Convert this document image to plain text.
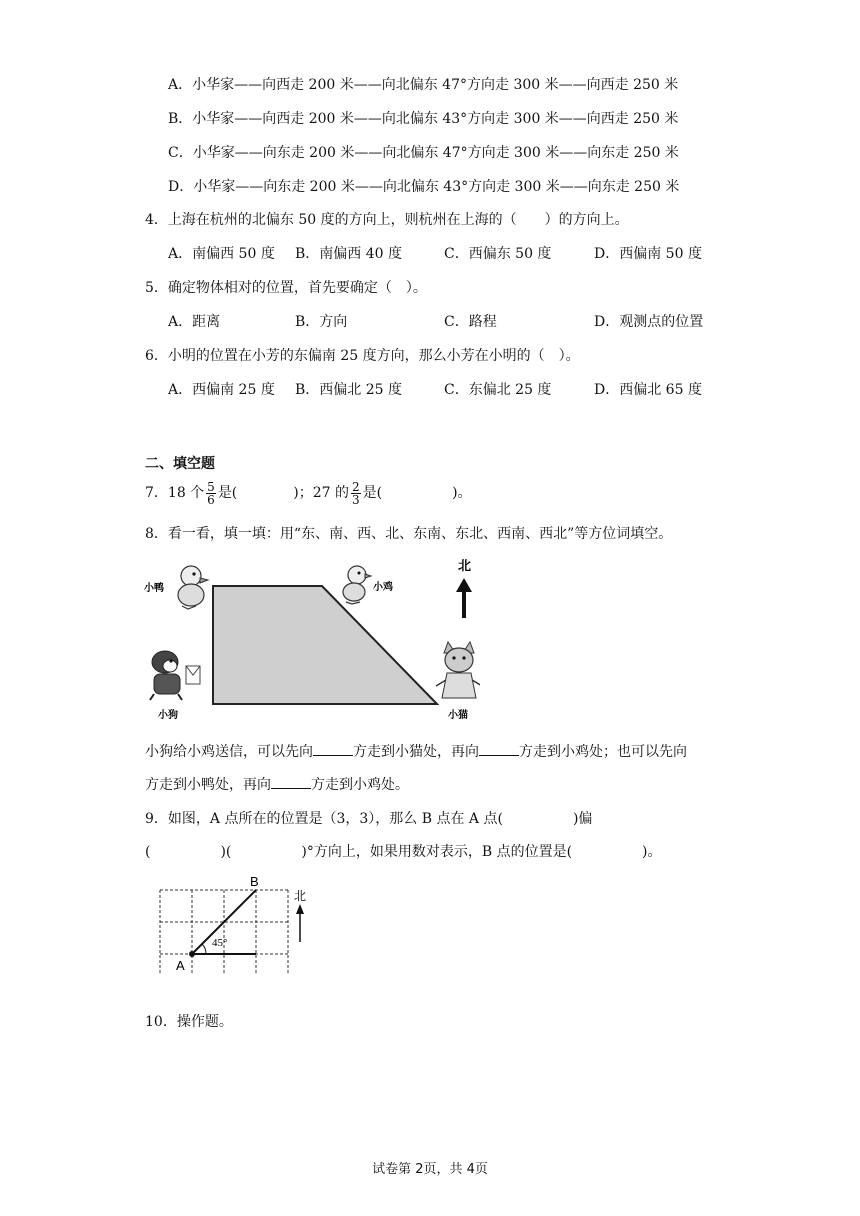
A．小华家——向西走 200 米——向北偏东 47°方向走 300 米——向西走 250 米
B．小华家——向西走 200 米——向北偏东 43°方向走 300 米——向西走 250 米
C．小华家——向东走 200 米——向北偏东 47°方向走 300 米——向东走 250 米
D．小华家——向东走 200 米——向北偏东 43°方向走 300 米——向东走 250 米
4．上海在杭州的北偏东 50 度的方向上，则杭州在上海的（　　）的方向上。
A．南偏西 50 度 B．南偏西 40 度	C．西偏东 50 度	D．西偏南 50 度
5．确定物体相对的位置，首先要确定（　）。
A．距离	B．方向	C．路程	D．观测点的位置
6．小明的位置在小芳的东偏南 25 度方向，那么小芳在小明的（　）。
A．西偏南 25 度 B．西偏北 25 度	C．东偏北 25 度	D．西偏北 65 度
二、填空题
7．18 个 $\frac{5}{6}$ 是(　　　　)；27 的 $\frac{2}{3}$ 是(　　　　　)。
8．看一看，填一填：用“东、南、西、北、东南、东北、西南、西北”等方位词填空。
小鸭	小鸡
小狗	小猫
北
小狗给小鸡送信，可以先向	方走到小猫处，再向	方走到小鸡处；也可以先向
方走到小鸭处，再向	方走到小鸡处。
9．如图，A 点所在的位置是（3，3），那么 B 点在 A 点(　　　　　)偏
(　　　　　)(　　　　　)°方向上，如果用数对表示，B 点的位置是(　　　　　)。
A
B
45°
北
10．操作题。
试卷第 2页，共 4页
